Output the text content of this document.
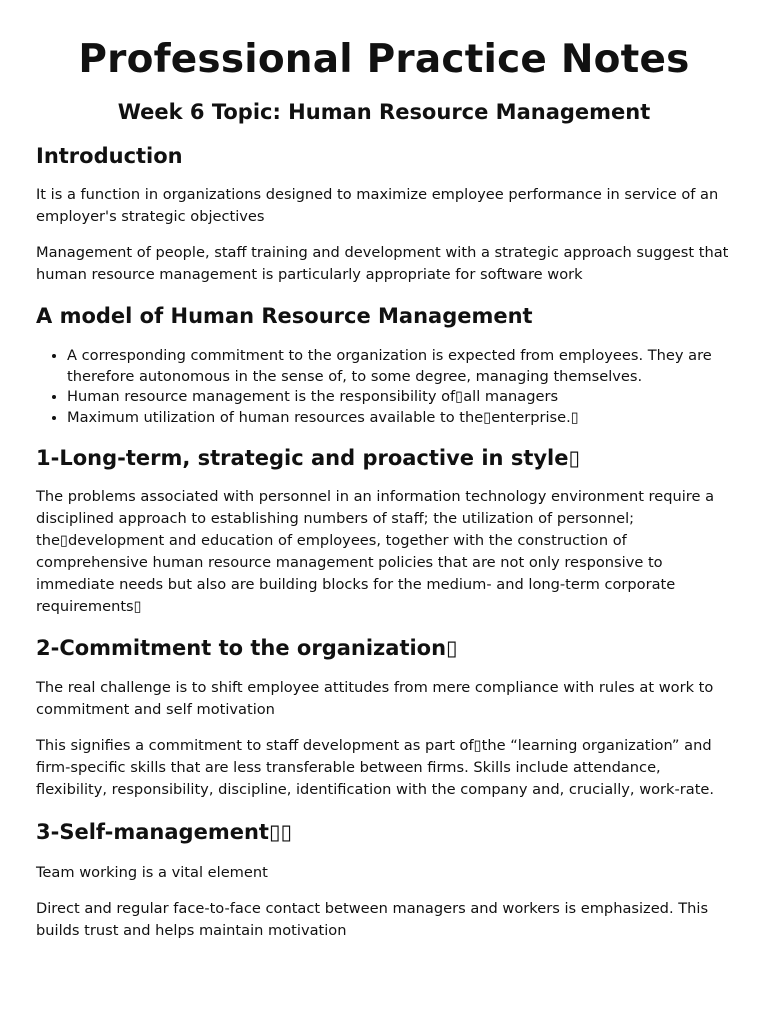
Professional Practice Notes
Week 6 Topic: Human Resource Management
Introduction

It is a function in organizations designed to maximize employee performance in service of an employer's strategic objectives

Management of people, staff training and development with a strategic approach suggest that human resource management is particularly appropriate for software work

A model of Human Resource Management
• A corresponding commitment to the organization is expected from employees. They are therefore autonomous in the sense of, to some degree, managing themselves.
• Human resource management is the responsibility of▯all managers
• Maximum utilization of human resources available to the▯enterprise.▯
1-Long-term, strategic and proactive in style▯

The problems associated with personnel in an information technology environment require a disciplined approach to establishing numbers of staff; the utilization of personnel; the▯development and education of employees, together with the construction of comprehensive human resource management policies that are not only responsive to immediate needs but also are building blocks for the medium- and long-term corporate requirements▯

2-Commitment to the organization▯

The real challenge is to shift employee attitudes from mere compliance with rules at work to commitment and self motivation

This signifies a commitment to staff development as part of▯the “learning organization” and firm-specific skills that are less transferable between firms. Skills include attendance, flexibility, responsibility, discipline, identification with the company and, crucially, work-rate.

3-Self-management▯▯

Team working is a vital element

Direct and regular face-to-face contact between managers and workers is emphasized. This builds trust and helps maintain motivation
